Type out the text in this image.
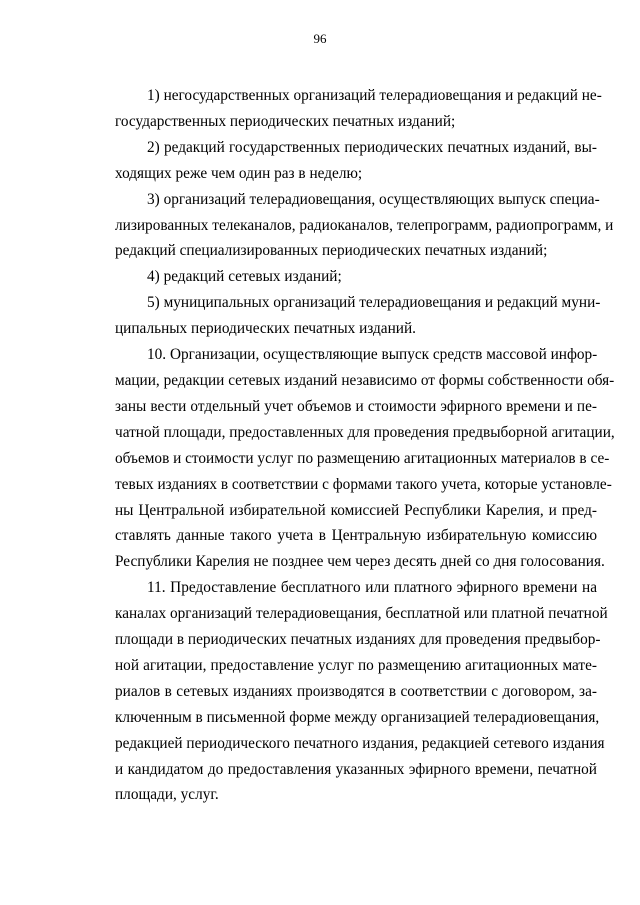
96

1) негосударственных организаций телерадиовещания и редакций не-
государственных периодических печатных изданий;

2) редакций государственных периодических печатных изданий, вы-
ходящих реже чем один раз в неделю;

3) организаций телерадиовещания, осуществляющих выпуск специа-
лизированных телеканалов, радиоканалов, телепрограмм, радиопрограмм, и
редакций специализированных периодических печатных изданий;

4) редакций сетевых изданий;

5) муниципальных организаций телерадиовещания и редакций муни-
ципальных периодических печатных изданий.

10. Организации, осуществляющие выпуск средств массовой инфор-
мации, редакции сетевых изданий независимо от формы собственности обя-
заны вести отдельный учет объемов и стоимости эфирного времени и пе-
чатной площади, предоставленных для проведения предвыборной агитации,
объемов и стоимости услуг по размещению агитационных материалов в се-
тевых изданиях в соответствии с формами такого учета, которые установле-
ны Центральной избирательной комиссией Республики Карелия, и пред-
ставлять данные такого учета в Центральную избирательную комиссию
Республики Карелия не позднее чем через десять дней со дня голосования.

11. Предоставление бесплатного или платного эфирного времени на
каналах организаций телерадиовещания, бесплатной или платной печатной
площади в периодических печатных изданиях для проведения предвыбор-
ной агитации, предоставление услуг по размещению агитационных мате-
риалов в сетевых изданиях производятся в соответствии с договором, за-
ключенным в письменной форме между организацией телерадиовещания,
редакцией периодического печатного издания, редакцией сетевого издания
и кандидатом до предоставления указанных эфирного времени, печатной
площади, услуг.
